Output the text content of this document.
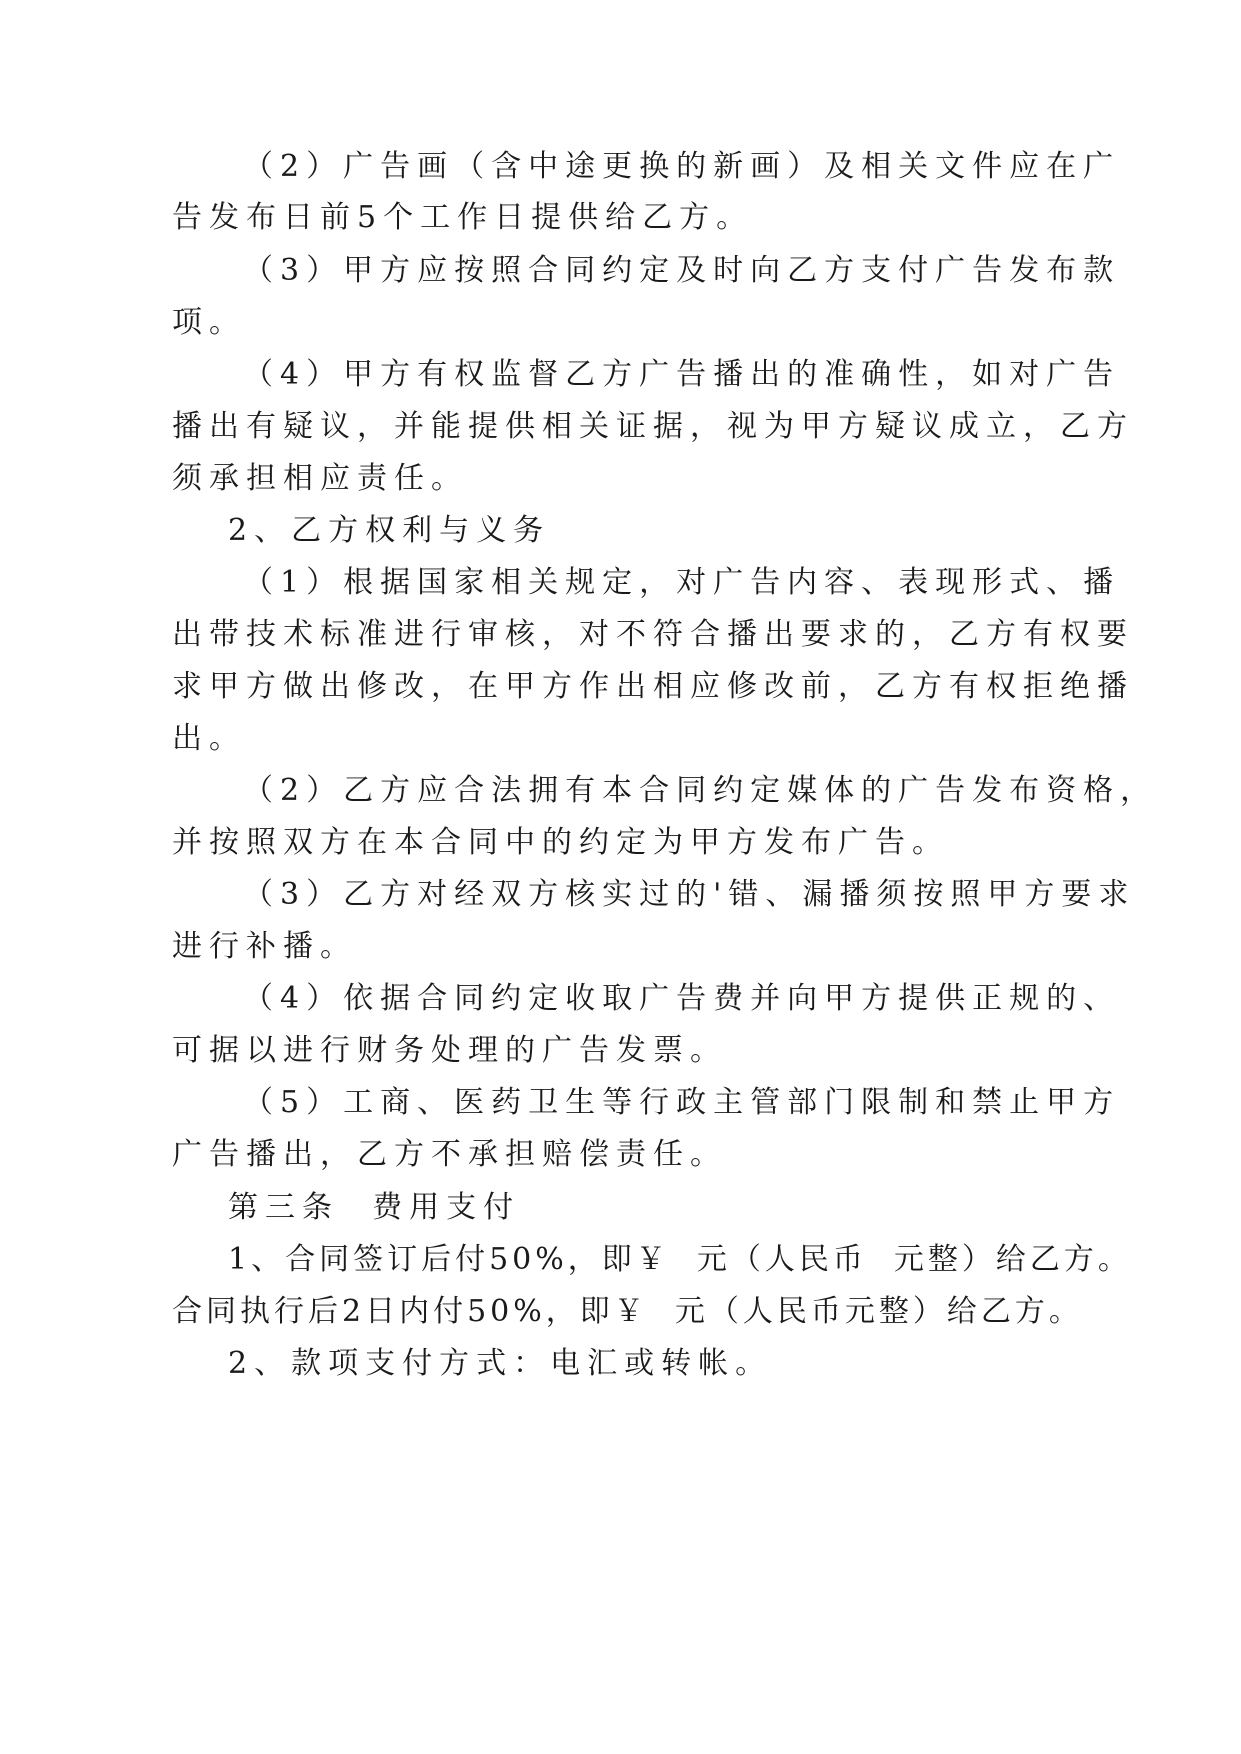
（2）广告画（含中途更换的新画）及相关文件应在广
告发布日前5个工作日提供给乙方。
（3）甲方应按照合同约定及时向乙方支付广告发布款
项。
（4）甲方有权监督乙方广告播出的准确性，如对广告
播出有疑议，并能提供相关证据，视为甲方疑议成立，乙方
须承担相应责任。
2、乙方权利与义务
（1）根据国家相关规定，对广告内容、表现形式、播
出带技术标准进行审核，对不符合播出要求的，乙方有权要
求甲方做出修改，在甲方作出相应修改前，乙方有权拒绝播
出。
（2）乙方应合法拥有本合同约定媒体的广告发布资格，
并按照双方在本合同中的约定为甲方发布广告。
（3）乙方对经双方核实过的'错、漏播须按照甲方要求
进行补播。
（4）依据合同约定收取广告费并向甲方提供正规的、
可据以进行财务处理的广告发票。
（5）工商、医药卫生等行政主管部门限制和禁止甲方
广告播出，乙方不承担赔偿责任。
第三条  费用支付
1、合同签订后付50%，即￥  元（人民币  元整）给乙方。
合同执行后2日内付50%，即￥  元（人民币元整）给乙方。
2、款项支付方式：电汇或转帐。
